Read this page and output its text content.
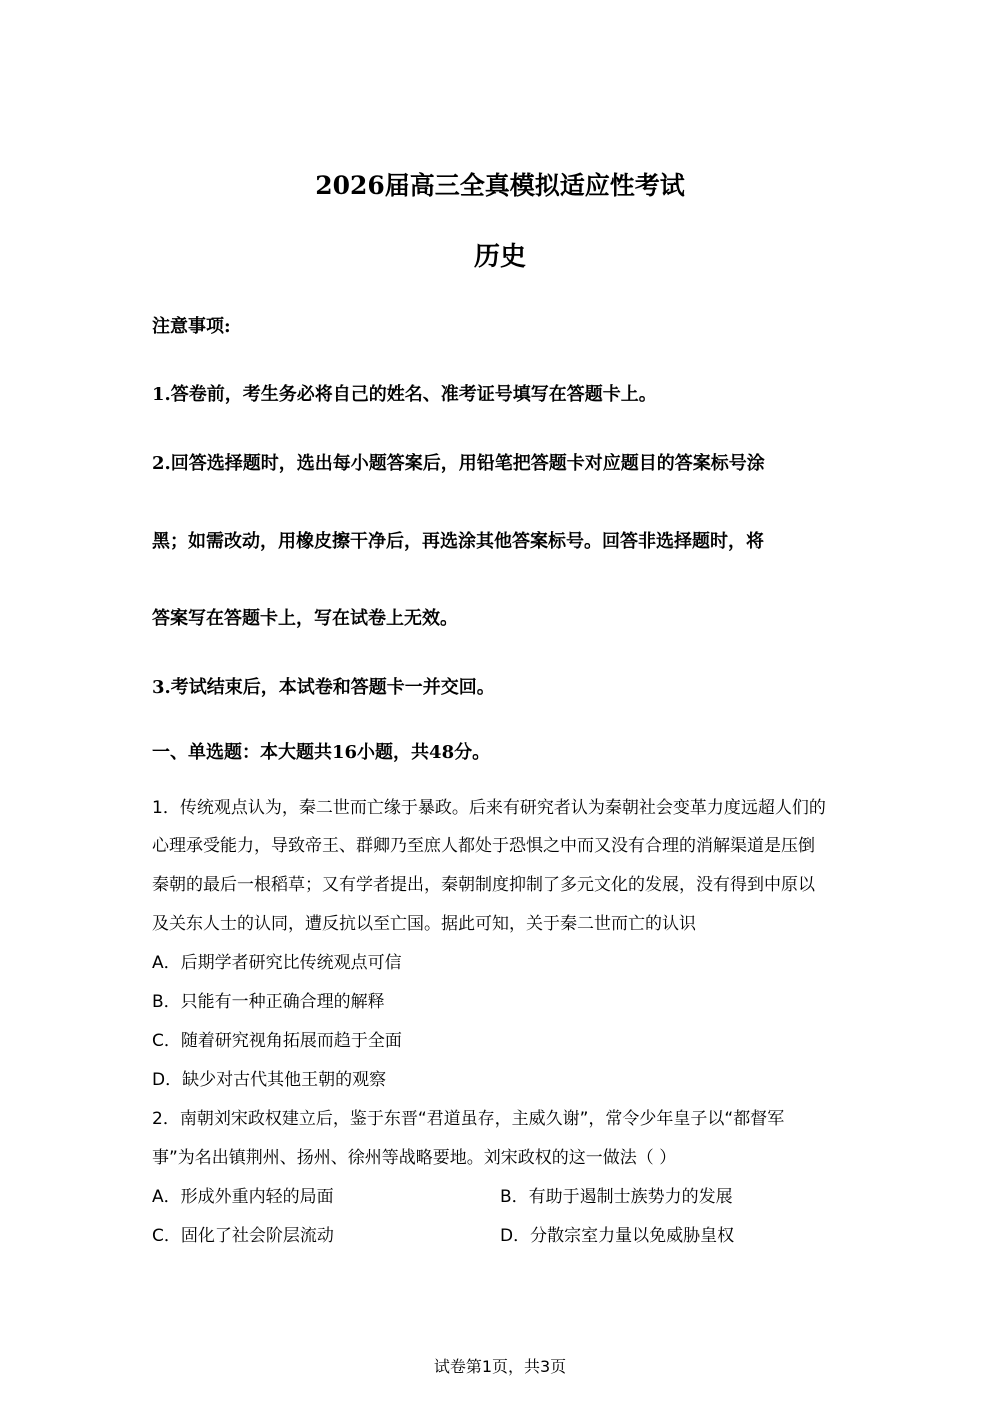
2026届高三全真模拟适应性考试
历史
注意事项:
1.答卷前，考生务必将自己的姓名、准考证号填写在答题卡上。
2.回答选择题时，选出每小题答案后，用铅笔把答题卡对应题目的答案标号涂
黑；如需改动，用橡皮擦干净后，再选涂其他答案标号。回答非选择题时，将
答案写在答题卡上，写在试卷上无效。
3.考试结束后，本试卷和答题卡一并交回。
一、单选题：本大题共16小题，共48分。
1．传统观点认为，秦二世而亡缘于暴政。后来有研究者认为秦朝社会变革力度远超人们的
心理承受能力，导致帝王、群卿乃至庶人都处于恐惧之中而又没有合理的消解渠道是压倒
秦朝的最后一根稻草；又有学者提出，秦朝制度抑制了多元文化的发展，没有得到中原以
及关东人士的认同，遭反抗以至亡国。据此可知，关于秦二世而亡的认识
A．后期学者研究比传统观点可信
B．只能有一种正确合理的解释
C．随着研究视角拓展而趋于全面
D．缺少对古代其他王朝的观察
2．南朝刘宋政权建立后，鉴于东晋“君道虽存，主威久谢”，常令少年皇子以“都督军
事”为名出镇荆州、扬州、徐州等战略要地。刘宋政权的这一做法（ ）
A．形成外重内轻的局面	B．有助于遏制士族势力的发展
C．固化了社会阶层流动	D．分散宗室力量以免威胁皇权
试卷第1页，共3页
